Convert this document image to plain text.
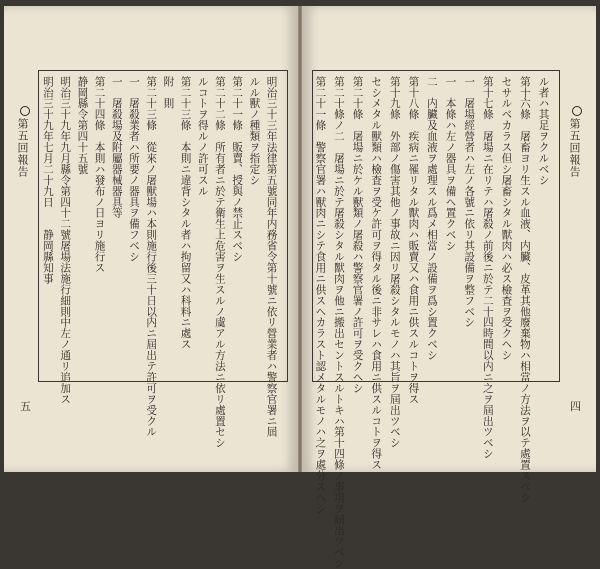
第五回報告
五	明治三十三年法律第五號同年内務省令第十號ニ依リ營業者ハ警察官署ニ屆
ルル獸ノ種類ヲ指定シ
第二十一條　販賣、授與ノ禁止スベシ
第二十二條　所有者ニ於テ衛生上危害ヲ生スルノ虞アル方法ニ依リ處置セシ
ルコトヲ得ルノ許可スル
第二十三條　本則ニ違背シタル者ハ拘留又ハ科料ニ處ス
附　則
第二十三條　從來ノ屠獸場ハ本則施行後三十日以内ニ屆出テ許可ヲ受クル
一　屠殺業者ハ所要ノ器具ヲ備フベシ
一　屠殺場及附屬器械器具等
第二十四條　本則ハ發布ノ日ヨリ施行ス
静岡縣令第四十五號
明治三十九年九月縣令第四十二號屠場法施行細則中左ノ通リ追加ス
明治三十九年七月二十九日　　静岡縣知事	第五回報告
四
ル者ハ其足ヲクルベシ
第十六條　屠畜ヨリ生スル血液、内臟、皮革其他廢棄物ハ相當ノ方法ヲ以テ處置スベシ
セサルベカラス但シ屠畜シタル獸肉ハ必ス檢査ヲ受クヘシ
第十七條　屠場ニ在リテハ屠殺ノ前後ニ於テ二十四時間以内ニ之ヲ屆出ツベシ
一　屠場經營者ハ左ノ各號ニ依リ其設備ヲ整フベシ
一　本條ハ左ノ器具ヲ備ヘ置クベシ
二　内臟及血液ヲ處理スル爲メ相當ノ設備ヲ爲シ置クベシ
第十八條　疾病ニ罹リタル獸肉ハ販賣又ハ食用ニ供スルコトヲ得ス
第十九條　外部ノ傷害其他ノ事故ニ因リ屠殺シタルモノハ其旨ヲ屆出ツベシ
セシメタル獸類ハ檢査ヲ受ケ許可ヲ得タル後ニ非サレハ食用ニ供スルコトヲ得ス
第二十條　屠場ニ於ケル獸類ノ屠殺ハ警察官署ノ許可ヲ受クヘシ
第二十條ノ二　屠場ニ於テ屠殺シタル獸肉ヲ他ニ搬出セントスルトキハ第十四條ノ事項ヲ屆出ツベシ
第二十一條　警察官署ハ獸肉ニシテ食用ニ供スヘカラスト認メタルモノハ之ヲ處分スヘシ
